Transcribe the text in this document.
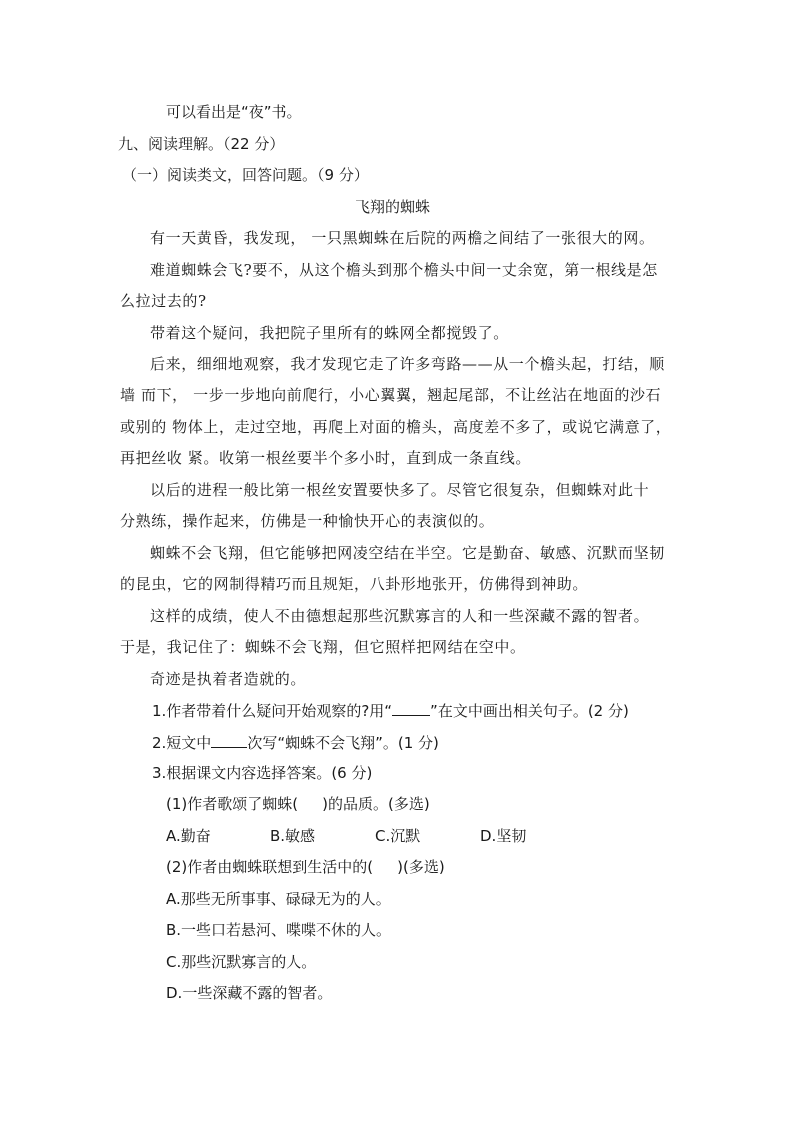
可以看出是“夜”书。
九、阅读理解。（22 分）
（一）阅读类文，回答问题。（9 分）
飞翔的蜘蛛
有一天黄昏，我发现， 一只黑蜘蛛在后院的两檐之间结了一张很大的网。
难道蜘蛛会飞?要不，从这个檐头到那个檐头中间一丈余宽，第一根线是怎
么拉过去的?
带着这个疑问，我把院子里所有的蛛网全都搅毁了。
后来，细细地观察，我才发现它走了许多弯路——从一个檐头起，打结，顺
墙 而下， 一步一步地向前爬行，小心翼翼，翘起尾部，不让丝沾在地面的沙石
或别的 物体上，走过空地，再爬上对面的檐头，高度差不多了，或说它满意了，
再把丝收 紧。收第一根丝要半个多小时，直到成一条直线。
以后的进程一般比第一根丝安置要快多了。尽管它很复杂，但蜘蛛对此十
分熟练，操作起来，仿佛是一种愉快开心的表演似的。
蜘蛛不会飞翔，但它能够把网凌空结在半空。它是勤奋、敏感、沉默而坚韧
的昆虫，它的网制得精巧而且规矩，八卦形地张开，仿佛得到神助。
这样的成绩，使人不由德想起那些沉默寡言的人和一些深藏不露的智者。
于是，我记住了：蜘蛛不会飞翔，但它照样把网结在空中。
奇迹是执着者造就的。
1.作者带着什么疑问开始观察的?用“	”在文中画出相关句子。(2 分)
2.短文中 次写“蜘蛛不会飞翔”。(1 分)
3.根据课文内容选择答案。(6 分)
(1)作者歌颂了蜘蛛( )的品质。(多选)
A.勤奋	B.敏感	C.沉默	D.坚韧
(2)作者由蜘蛛联想到生活中的( )(多选)
A.那些无所事事、碌碌无为的人。
B.一些口若悬河、喋喋不休的人。
C.那些沉默寡言的人。
D.一些深藏不露的智者。
